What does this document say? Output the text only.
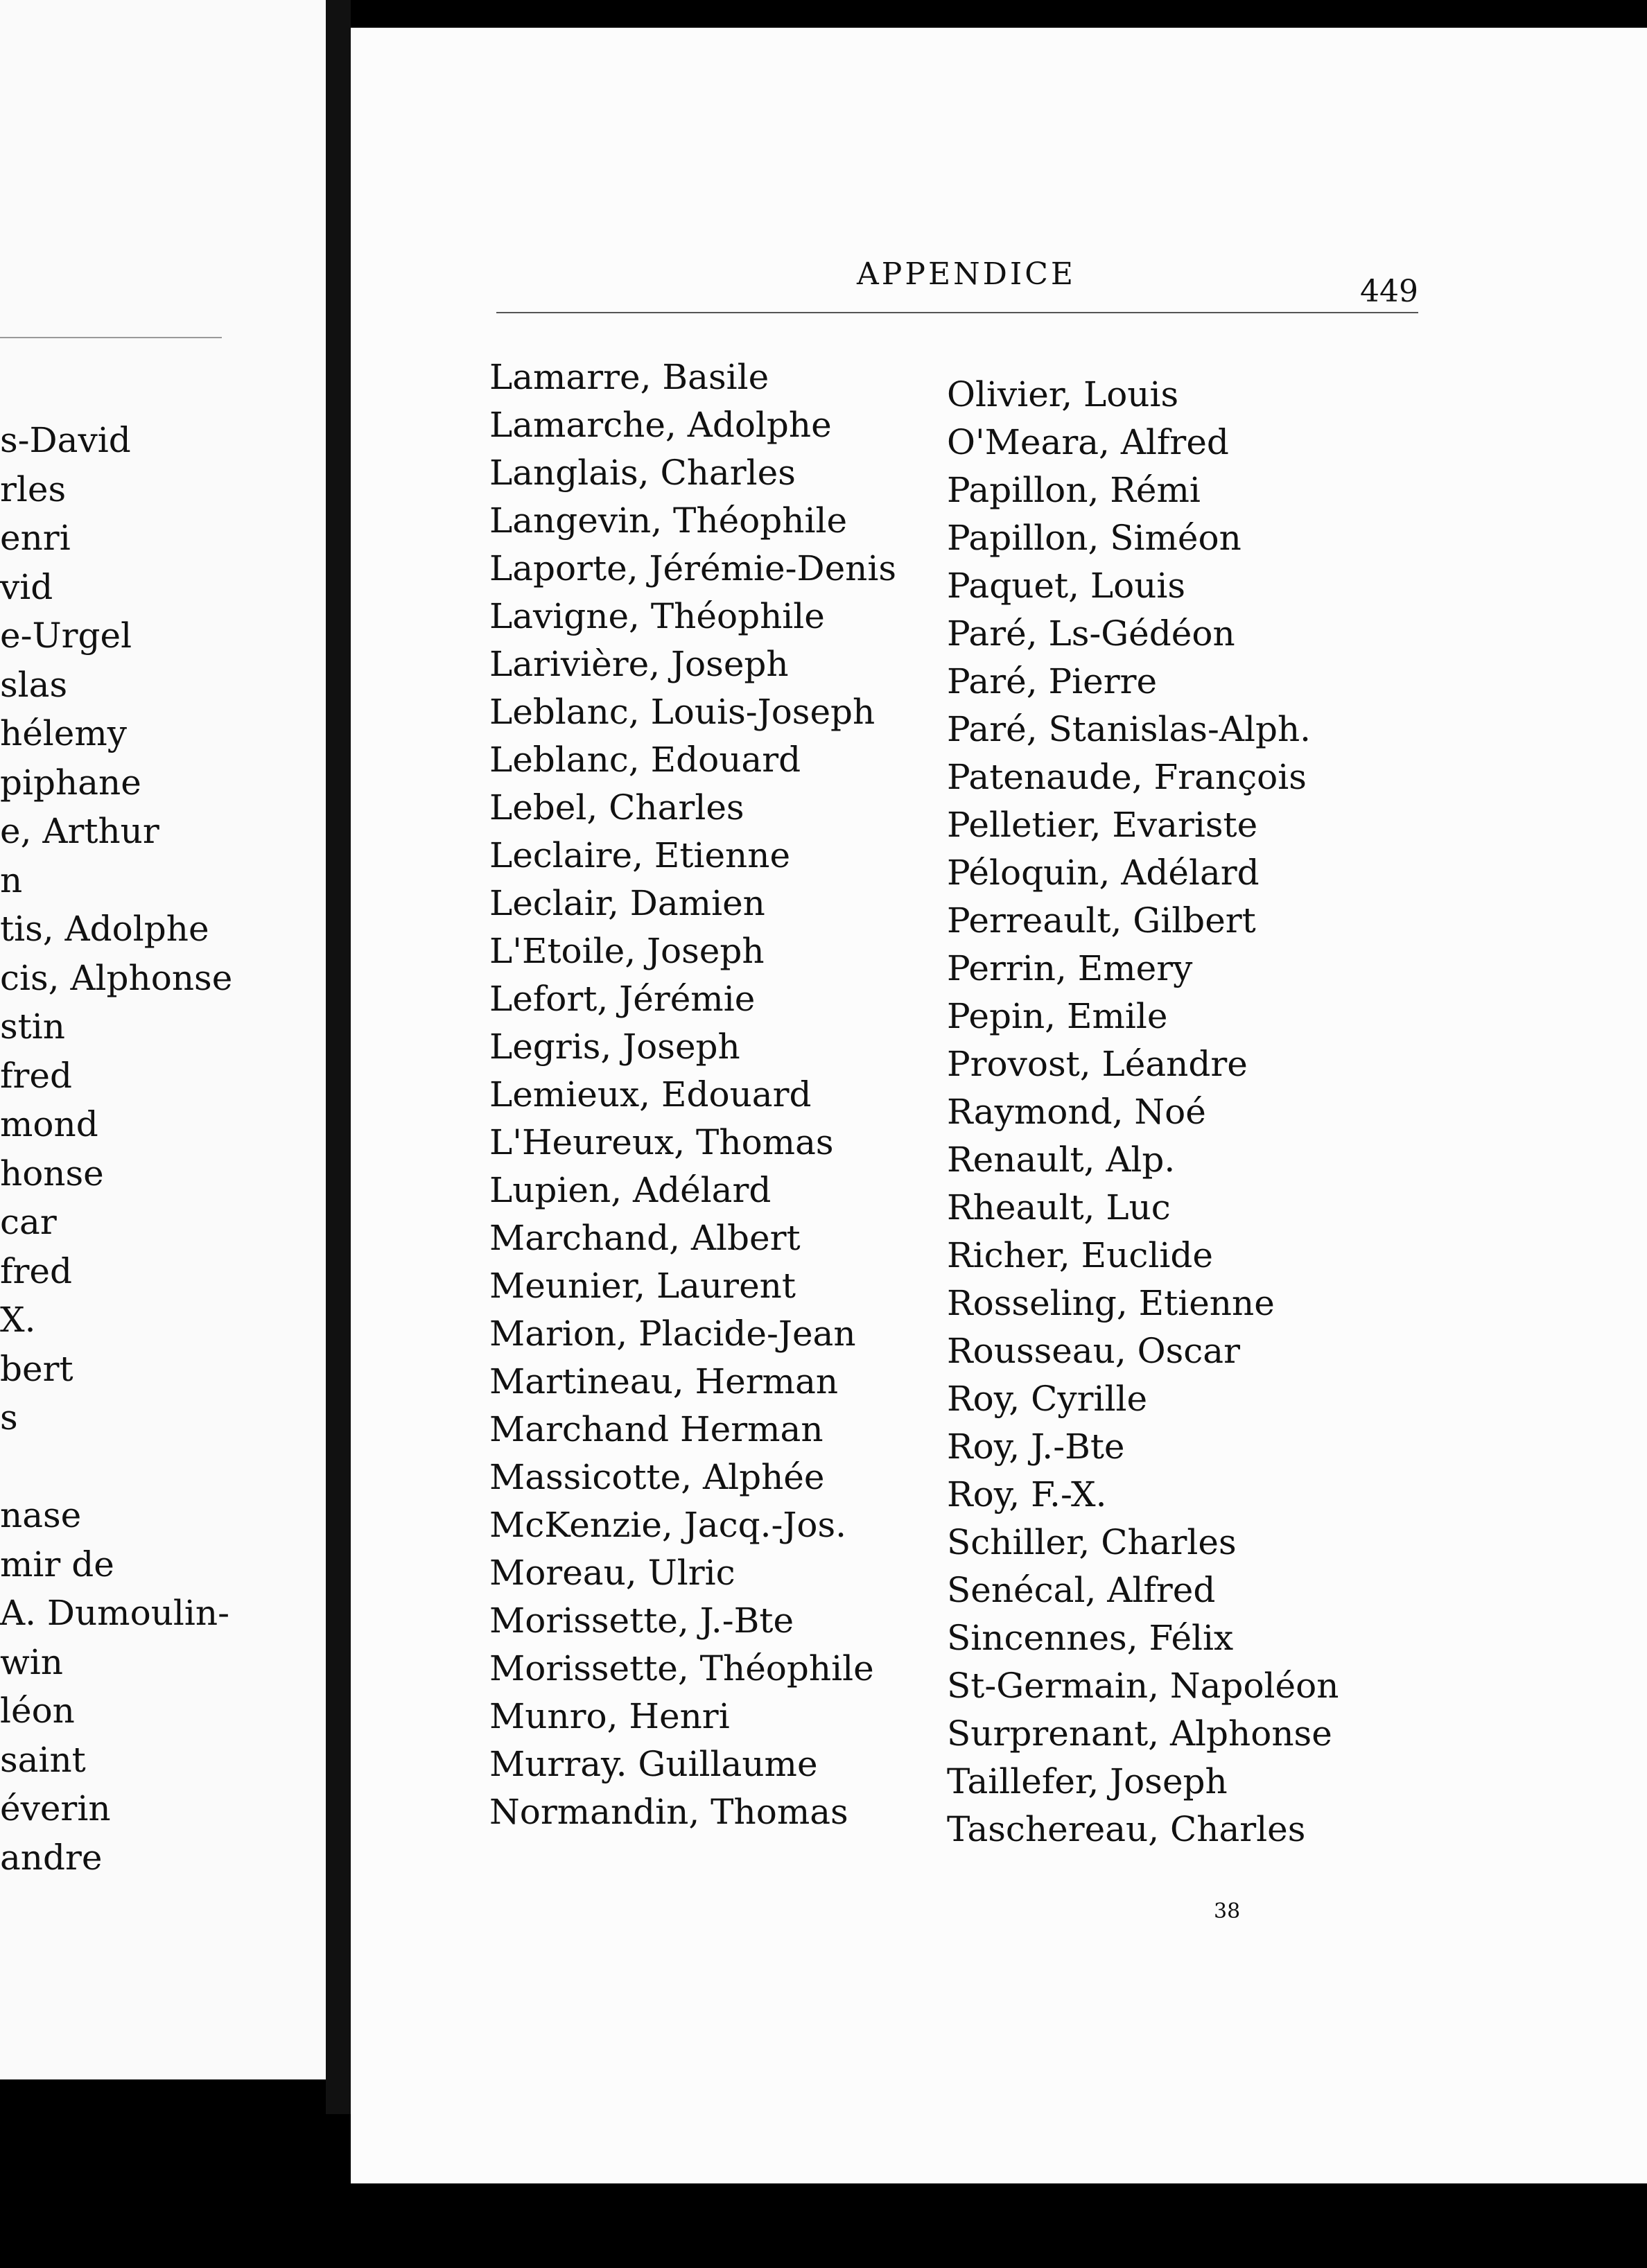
s-David
rles
enri
vid
e-Urgel
slas
hélemy
piphane
e, Arthur
n
tis, Adolphe
cis, Alphonse
stin
fred
mond
honse
car
fred
X.
bert
s
nase
mir de
A. Dumoulin-
win
léon
saint
éverin
andre
APPENDICE	449
Lamarre, Basile
Lamarche, Adolphe
Langlais, Charles
Langevin, Théophile
Laporte, Jérémie-Denis
Lavigne, Théophile
Larivière, Joseph
Leblanc, Louis-Joseph
Leblanc, Edouard
Lebel, Charles
Leclaire, Etienne
Leclair, Damien
L'Etoile, Joseph
Lefort, Jérémie
Legris, Joseph
Lemieux, Edouard
L'Heureux, Thomas
Lupien, Adélard
Marchand, Albert
Meunier, Laurent
Marion, Placide-Jean
Martineau, Herman
Marchand Herman
Massicotte, Alphée
McKenzie, Jacq.-Jos.
Moreau, Ulric
Morissette, J.-Bte
Morissette, Théophile
Munro, Henri
Murray. Guillaume
Normandin, Thomas
Olivier, Louis
O'Meara, Alfred
Papillon, Rémi
Papillon, Siméon
Paquet, Louis
Paré, Ls-Gédéon
Paré, Pierre
Paré, Stanislas-Alph.
Patenaude, François
Pelletier, Evariste
Péloquin, Adélard
Perreault, Gilbert
Perrin, Emery
Pepin, Emile
Provost, Léandre
Raymond, Noé
Renault, Alp.
Rheault, Luc
Richer, Euclide
Rosseling, Etienne
Rousseau, Oscar
Roy, Cyrille
Roy, J.-Bte
Roy, F.-X.
Schiller, Charles
Senécal, Alfred
Sincennes, Félix
St-Germain, Napoléon
Surprenant, Alphonse
Taillefer, Joseph
Taschereau, Charles
38
